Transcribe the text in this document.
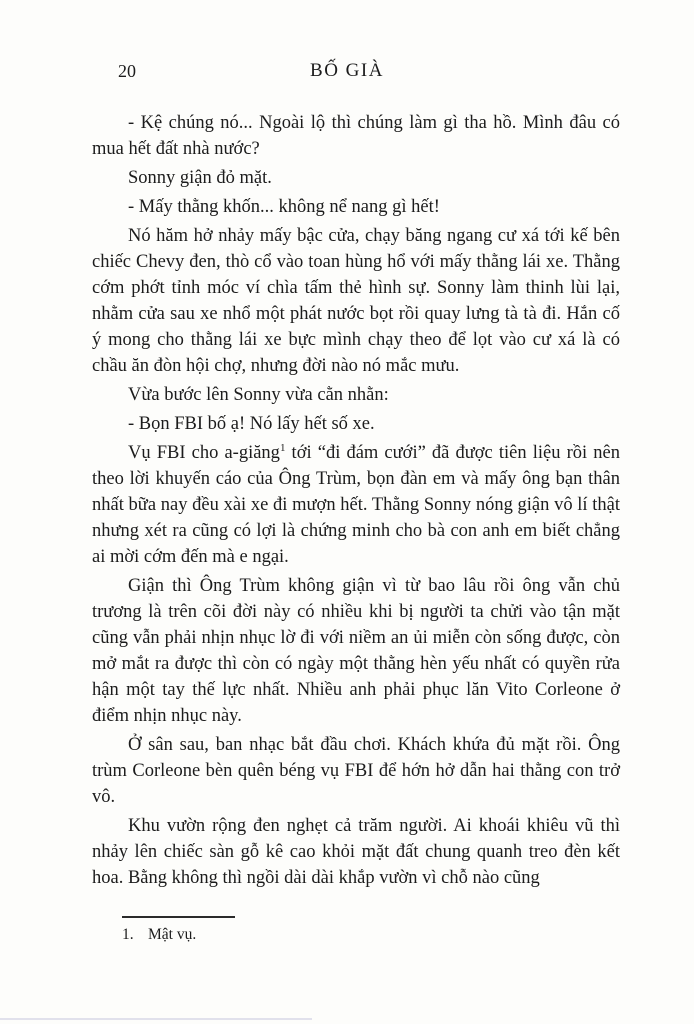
20	BỐ GIÀ

- Kệ chúng nó... Ngoài lộ thì chúng làm gì tha hồ. Mình đâu có mua hết đất nhà nước?

Sonny giận đỏ mặt.

- Mấy thằng khốn... không nể nang gì hết!

Nó hăm hở nhảy mấy bậc cửa, chạy băng ngang cư xá tới kế bên chiếc Chevy đen, thò cổ vào toan hùng hổ với mấy thằng lái xe. Thằng cớm phớt tỉnh móc ví chìa tấm thẻ hình sự. Sonny làm thinh lùi lại, nhằm cửa sau xe nhổ một phát nước bọt rồi quay lưng tà tà đi. Hắn cố ý mong cho thằng lái xe bực mình chạy theo để lọt vào cư xá là có chầu ăn đòn hội chợ, nhưng đời nào nó mắc mưu.

Vừa bước lên Sonny vừa cằn nhằn:

- Bọn FBI bố ạ! Nó lấy hết số xe.

Vụ FBI cho a-giăng$^1$ tới “đi đám cưới” đã được tiên liệu rồi nên theo lời khuyến cáo của Ông Trùm, bọn đàn em và mấy ông bạn thân nhất bữa nay đều xài xe đi mượn hết. Thằng Sonny nóng giận vô lí thật nhưng xét ra cũng có lợi là chứng minh cho bà con anh em biết chẳng ai mời cớm đến mà e ngại.

Giận thì Ông Trùm không giận vì từ bao lâu rồi ông vẫn chủ trương là trên cõi đời này có nhiều khi bị người ta chửi vào tận mặt cũng vẫn phải nhịn nhục lờ đi với niềm an ủi miễn còn sống được, còn mở mắt ra được thì còn có ngày một thằng hèn yếu nhất có quyền rửa hận một tay thế lực nhất. Nhiều anh phải phục lăn Vito Corleone ở điểm nhịn nhục này.

Ở sân sau, ban nhạc bắt đầu chơi. Khách khứa đủ mặt rồi. Ông trùm Corleone bèn quên béng vụ FBI để hớn hở dẫn hai thằng con trở vô.

Khu vườn rộng đen nghẹt cả trăm người. Ai khoái khiêu vũ thì nhảy lên chiếc sàn gỗ kê cao khỏi mặt đất chung quanh treo đèn kết hoa. Bằng không thì ngồi dài dài khắp vườn vì chỗ nào cũng

1. Mật vụ.
